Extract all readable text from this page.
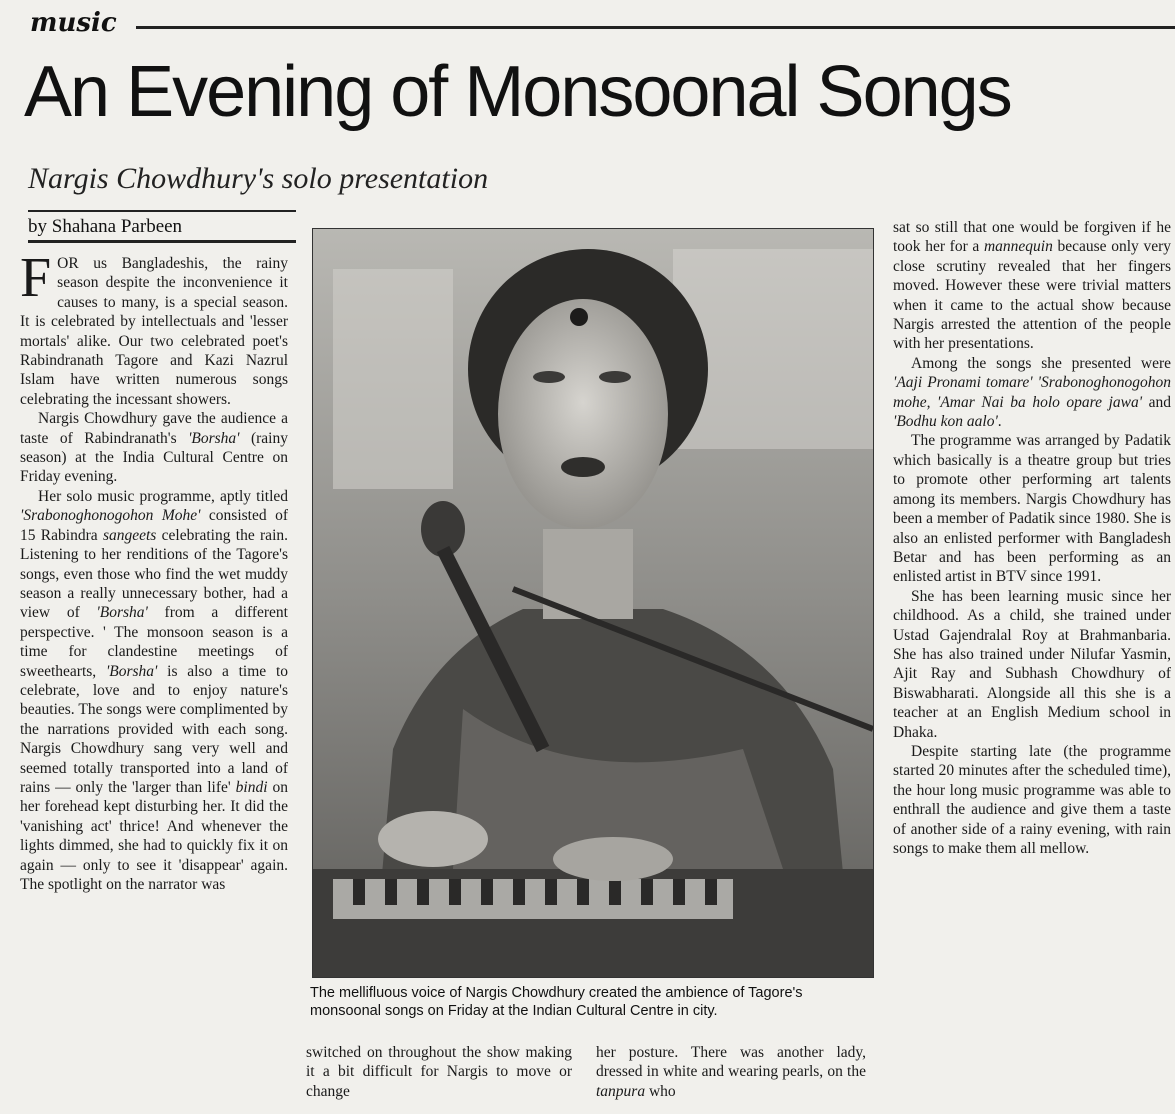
music
An Evening of Monsoonal Songs
Nargis Chowdhury's solo presentation
by Shahana Parbeen

FOR us Bangladeshis, the rainy season despite the inconvenience it causes to many, is a special season. It is celebrated by intellectuals and 'lesser mortals' alike. Our two celebrated poet's Rabindranath Tagore and Kazi Nazrul Islam have written numerous songs celebrating the incessant showers.

Nargis Chowdhury gave the audience a taste of Rabindranath's 'Borsha' (rainy season) at the India Cultural Centre on Friday evening.

Her solo music programme, aptly titled 'Srabonoghonogohon Mohe' consisted of 15 Rabindra sangeets celebrating the rain. Listening to her renditions of the Tagore's songs, even those who find the wet muddy season a really unnecessary bother, had a view of 'Borsha' from a different perspective. ' The monsoon season is a time for clandestine meetings of sweethearts, 'Borsha' is also a time to celebrate, love and to enjoy nature's beauties. The songs were complimented by the narrations provided with each song. Nargis Chowdhury sang very well and seemed totally transported into a land of rains — only the 'larger than life' bindi on her forehead kept disturbing her. It did the 'vanishing act' thrice! And whenever the lights dimmed, she had to quickly fix it on again — only to see it 'disappear' again. The spotlight on the narrator was

The mellifluous voice of Nargis Chowdhury created the ambience of Tagore's monsoonal songs on Friday at the Indian Cultural Centre in city.

switched on throughout the show making it a bit difficult for Nargis to move or change

her posture. There was another lady, dressed in white and wearing pearls, on the tanpura who

sat so still that one would be forgiven if he took her for a mannequin because only very close scrutiny revealed that her fingers moved. However these were trivial matters when it came to the actual show because Nargis arrested the attention of the people with her presentations.

Among the songs she presented were 'Aaji Pronami tomare' 'Srabonoghonogohon mohe, 'Amar Nai ba holo opare jawa' and 'Bodhu kon aalo'.

The programme was arranged by Padatik which basically is a theatre group but tries to promote other performing art talents among its members. Nargis Chowdhury has been a member of Padatik since 1980. She is also an enlisted performer with Bangladesh Betar and has been performing as an enlisted artist in BTV since 1991.

She has been learning music since her childhood. As a child, she trained under Ustad Gajendralal Roy at Brahmanbaria. She has also trained under Nilufar Yasmin, Ajit Ray and Subhash Chowdhury of Biswabharati. Alongside all this she is a teacher at an English Medium school in Dhaka.

Despite starting late (the programme started 20 minutes after the scheduled time), the hour long music programme was able to enthrall the audience and give them a taste of another side of a rainy evening, with rain songs to make them all mellow.
